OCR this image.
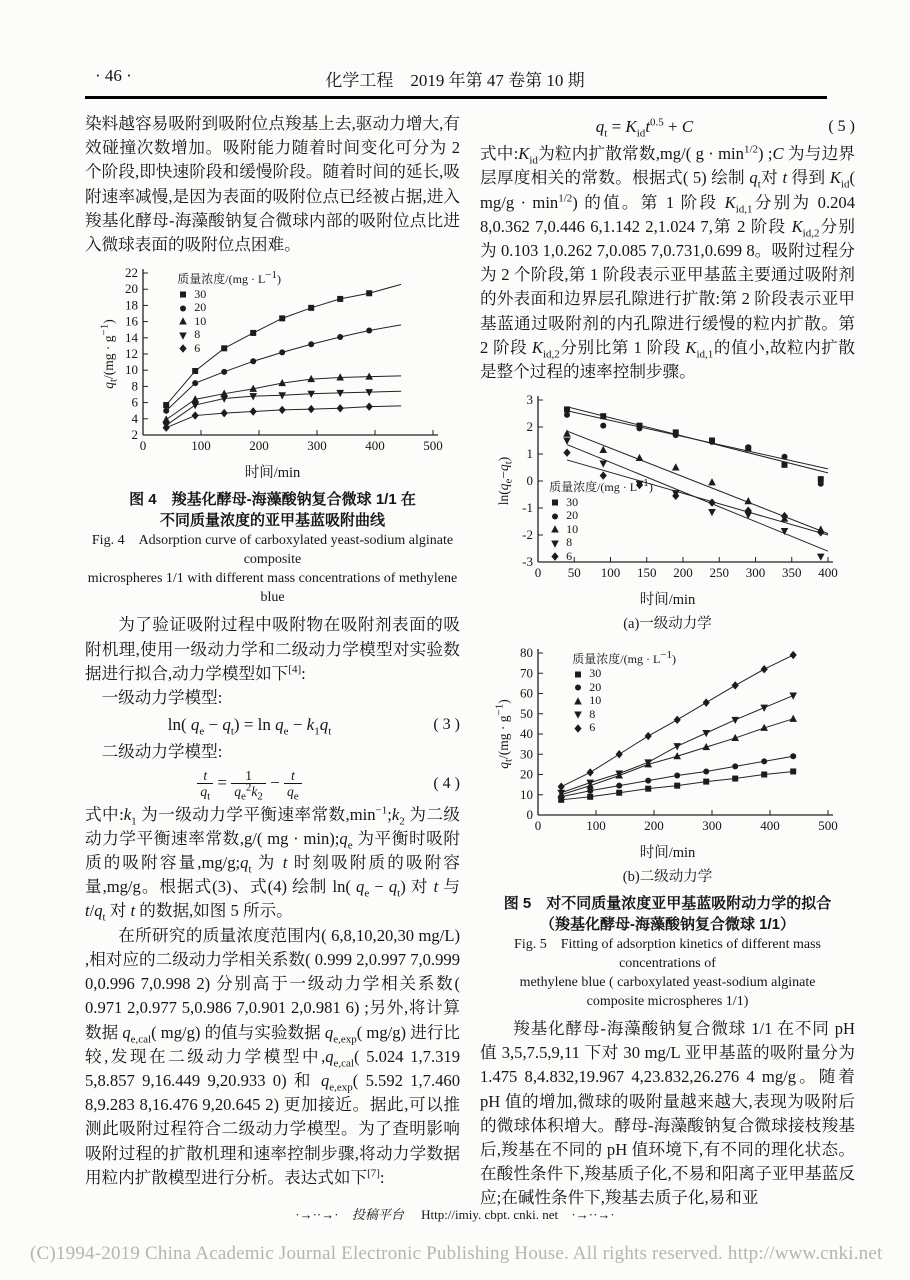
· 46 ·	化学工程　2019 年第 47 卷第 10 期

染料越容易吸附到吸附位点羧基上去,驱动力增大,有效碰撞次数增加。吸附能力随着时间变化可分为 2 个阶段,即快速阶段和缓慢阶段。随着时间的延长,吸附速率减慢,是因为表面的吸附位点已经被占据,进入羧基化酵母-海藻酸钠复合微球内部的吸附位点比进入微球表面的吸附位点困难。

2
4
6
8
10
12
14
16
18
20
22
0	100	200	300	400	500
$q_t/(mg \cdot g^{-1})$
质量浓度$/(mg \cdot L^{-1})$
30
20
10
8
6
时间/min
图 4　羧基化酵母-海藻酸钠复合微球 1/1 在
不同质量浓度的亚甲基蓝吸附曲线
Fig. 4　Adsorption curve of carboxylated yeast-sodium alginate composite
microspheres 1/1 with different mass concentrations of methylene blue

为了验证吸附过程中吸附物在吸附剂表面的吸附机理,使用一级动力学和二级动力学模型对实验数据进行拟合,动力学模型如下[4]:

一级动力学模型:

ln( $q_e - q_t) = \ln q_e - k_1q_t$	( 3 )

二级动力学模型:

$\frac{t}{q_t} = \frac{1}{q_e^2k_2} - \frac{t}{q_e}$	( 4 )

式中$:k_1$ 为一级动力学平衡速率常数$,\min^{-1};k_2$ 为二级动力学平衡速率常数,g/( mg · $\min);q_e$ 为平衡时吸附质的吸附容量$,mg/g;q_t$ 为 t 时刻吸附质的吸附容量,mg/g。根据式(3)、式(4) 绘制 ln( $q_e - q_t$) 对 t 与 $t/q_t$ 对 t 的数据,如图 5 所示。

在所研究的质量浓度范围内( 6,8,10,20,30 mg/L) ,相对应的二级动力学相关系数( 0.999 2,0.997 7,0.999 0,0.996 7,0.998 2) 分别高于一级动力学相关系数( 0.971 2,0.977 5,0.986 7,0.901 2,0.981 6) ;另外,将计算数据 $q_{e,cal}$( mg/g) 的值与实验数据 $q_{e,exp}$( mg/g) 进行比较,发现在二级动力学模型中$,q_{e,cal}$( 5.024 1,7.319 5,8.857 9,16.449 9,20.933 0) 和 $q_{e,exp}$( 5.592 1,7.460 8,9.283 8,16.476 9,20.645 2) 更加接近。据此,可以推测此吸附过程符合二级动力学模型。为了查明影响吸附过程的扩散机理和速率控制步骤,将动力学数据用粒内扩散模型进行分析。表达式如下[7]:

$q_t = K_{id}t^{0.5} + C$	( 5 )

式中$:K_{id}$为粒内扩散常数,mg/( $g \cdot \min^{1/2}$) ;C 为与边界层厚度相关的常数。根据式( 5) 绘制 $q_t$对 t 得到 $K_{id}$( $mg/g \cdot \min^{1/2}$) 的值。第 1 阶段 $K_{id,1}$分别为 0.204 8,0.362 7,0.446 6,1.142 2,1.024 7,第 2 阶段 $K_{id,2}$分别为 0.103 1,0.262 7,0.085 7,0.731,0.699 8。吸附过程分为 2 个阶段,第 1 阶段表示亚甲基蓝主要通过吸附剂的外表面和边界层孔隙进行扩散:第 2 阶段表示亚甲基蓝通过吸附剂的内孔隙进行缓慢的粒内扩散。第 2 阶段 $K_{id,2}$分别比第 1 阶段 $K_{id,1}$的值小,故粒内扩散是整个过程的速率控制步骤。

-3
-2
-1
0
1
2
3
0 50 100 150 200 250 300 350 400
$\ln(q_e-q_t)$
质量浓度$/(mg \cdot L^{-1})$
30
20
10
8
6
时间/min
(a)一级动力学
0
10
20
30
40
50
60
70
80
0	100	200	300	400	500
$q_t/(mg \cdot g^{-1})$
质量浓度$/(mg \cdot L^{-1})$
30
20
10
8
6
时间/min
(b)二级动力学
图 5　对不同质量浓度亚甲基蓝吸附动力学的拟合
（羧基化酵母-海藻酸钠复合微球 1/1）
Fig. 5　Fitting of adsorption kinetics of different mass concentrations of
methylene blue ( carboxylated yeast-sodium alginate
composite microspheres 1/1)

羧基化酵母-海藻酸钠复合微球 1/1 在不同 pH 值 3,5,7.5,9,11 下对 30 mg/L 亚甲基蓝的吸附量分为 1.475 8,4.832,19.967 4,23.832,26.276 4 mg/g。随着 pH 值的增加,微球的吸附量越来越大,表现为吸附后的微球体积增大。酵母-海藻酸钠复合微球接枝羧基后,羧基在不同的 pH 值环境下,有不同的理化状态。在酸性条件下,羧基质子化,不易和阳离子亚甲基蓝反应;在碱性条件下,羧基去质子化,易和亚

·→··→· 投稿平台 Http://imiy. cbpt. cnki. net ·→··→·
(C)1994-2019 China Academic Journal Electronic Publishing House. All rights reserved. http://www.cnki.net
